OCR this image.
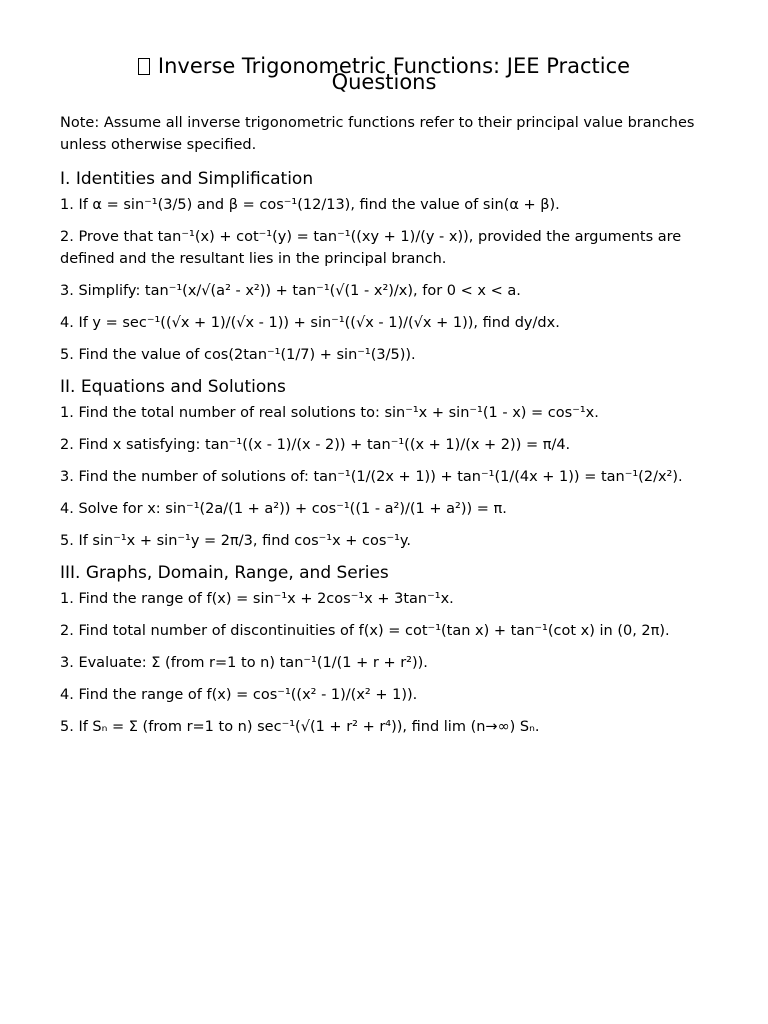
Inverse Trigonometric Functions: JEE Practice Questions

Note: Assume all inverse trigonometric functions refer to their principal value branches unless otherwise specified.

I. Identities and Simplification
1. If α = sin⁻¹(3/5) and β = cos⁻¹(12/13), find the value of sin(α + β).
2. Prove that tan⁻¹(x) + cot⁻¹(y) = tan⁻¹((xy + 1)/(y - x)), provided the arguments are defined and the resultant lies in the principal branch.
3. Simplify: tan⁻¹(x/√(a² - x²)) + tan⁻¹(√(1 - x²)/x), for 0 < x < a.
4. If y = sec⁻¹((√x + 1)/(√x - 1)) + sin⁻¹((√x - 1)/(√x + 1)), find dy/dx.
5. Find the value of cos(2tan⁻¹(1/7) + sin⁻¹(3/5)).
II. Equations and Solutions
1. Find the total number of real solutions to: sin⁻¹x + sin⁻¹(1 - x) = cos⁻¹x.
2. Find x satisfying: tan⁻¹((x - 1)/(x - 2)) + tan⁻¹((x + 1)/(x + 2)) = π/4.
3. Find the number of solutions of: tan⁻¹(1/(2x + 1)) + tan⁻¹(1/(4x + 1)) = tan⁻¹(2/x²).
4. Solve for x: sin⁻¹(2a/(1 + a²)) + cos⁻¹((1 - a²)/(1 + a²)) = π.
5. If sin⁻¹x + sin⁻¹y = 2π/3, find cos⁻¹x + cos⁻¹y.
III. Graphs, Domain, Range, and Series
1. Find the range of f(x) = sin⁻¹x + 2cos⁻¹x + 3tan⁻¹x.
2. Find total number of discontinuities of f(x) = cot⁻¹(tan x) + tan⁻¹(cot x) in (0, 2π).
3. Evaluate: Σ (from r=1 to n) tan⁻¹(1/(1 + r + r²)).
4. Find the range of f(x) = cos⁻¹((x² - 1)/(x² + 1)).
5. If Sₙ = Σ (from r=1 to n) sec⁻¹(√(1 + r² + r⁴)), find lim (n→∞) Sₙ.
